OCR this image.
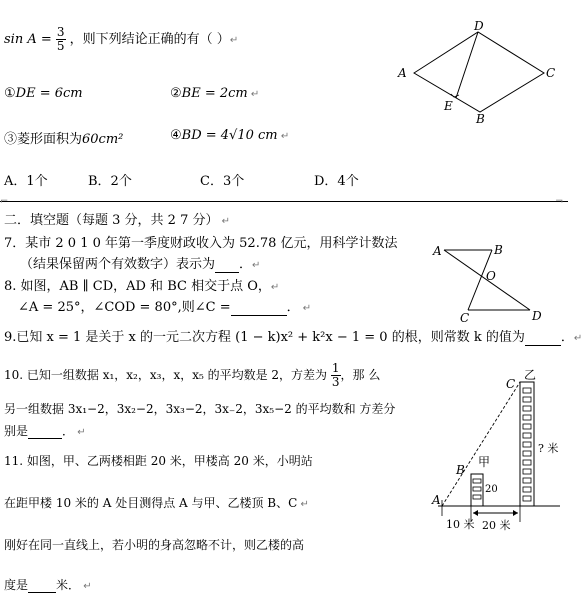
$\sin A = \frac{3}{5}$ ，则下列结论正确的有（ ）↵
①DE = 6cm	②BE = 2cm ↵
③菱形面积为60cm²	④BD = 4√10 cm ↵
A．1个	B．2个	C．3个	D．4个
D
A	C
E
B
⌐	¬
二．填空题（每题 3 分，共 2 7 分） ↵
7．某市 2 0 1 0 年第一季度财政收入为 52.78 亿元，用科学计数法
（结果保留两个有效数字）表示为 ．↵
8. 如图，AB ∥ CD，AD 和 BC 相交于点 O，↵
∠A = 25°，∠COD = 80°,则∠C =	． ↵
A	B
O
C	D
9.已知 x = 1 是关于 x 的一元二次方程 (1 − k)x² + k²x − 1 = 0 的根，则常数 k 的值为	．↵
10. 已知一组数据 x₁，x₂，x₃，x，x₅ 的平均数是 2，方差为 $\frac{1}{3}$ ，那 么
另一组数据 3x₁−2，3x₂−2，3x₃−2，3x₋2，3x₅−2 的平均数和 方差分
别是	． ↵
11. 如图，甲、乙两楼相距 20 米，甲楼高 20 米，小明站
在距甲楼 10 米的 A 处目测得点 A 与甲、乙楼顶 B、C ↵
刚好在同一直线上，若小明的身高忽略不计，则乙楼的高
度是 米． ↵
乙
C
? 米
甲
B
20
A
10 米 20 米
